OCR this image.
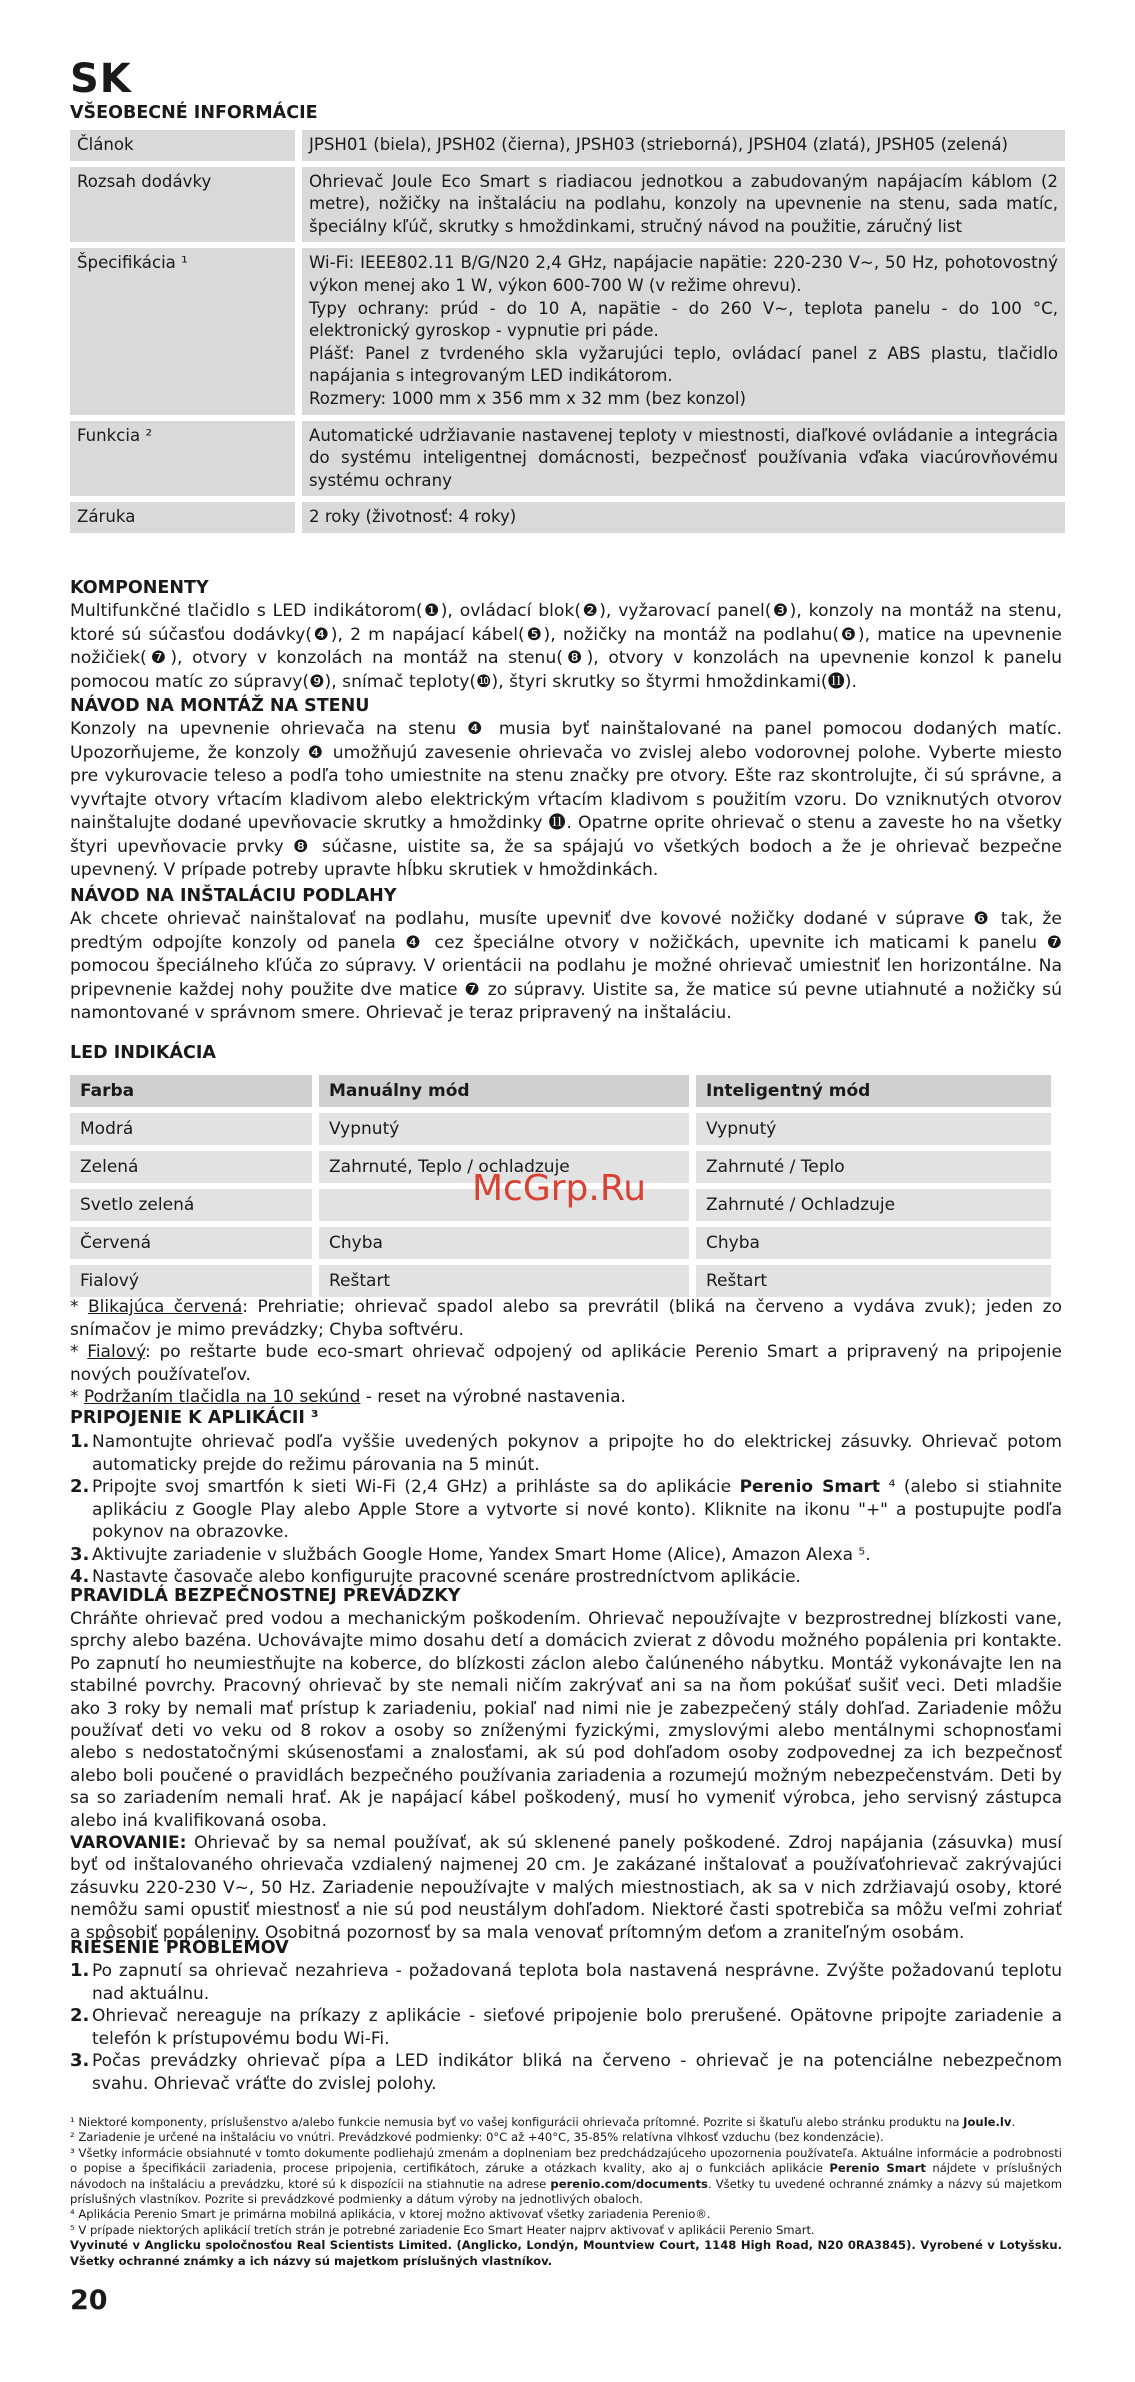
SK
VŠEOBECNÉ INFORMÁCIE
Článok	JPSH01 (biela), JPSH02 (čierna), JPSH03 (strieborná), JPSH04 (zlatá), JPSH05 (zelená)
Rozsah dodávky	Ohrievač Joule Eco Smart s riadiacou jednotkou a zabudovaným napájacím káblom (2 metre), nožičky na inštaláciu na podlahu, konzoly na upevnenie na stenu, sada matíc, špeciálny kľúč, skrutky s hmoždinkami, stručný návod na použitie, záručný list
Špecifikácia ¹	Wi-Fi: IEEE802.11 B/G/N20 2,4 GHz, napájacie napätie: 220-230 V~, 50 Hz, pohotovostný výkon menej ako 1 W, výkon 600-700 W (v režime ohrevu).
Typy ochrany: prúd - do 10 A, napätie - do 260 V~, teplota panelu - do 100 °C, elektronický gyroskop - vypnutie pri páde.
Plášť: Panel z tvrdeného skla vyžarujúci teplo, ovládací panel z ABS plastu, tlačidlo napájania s integrovaným LED indikátorom.
Rozmery: 1000 mm x 356 mm x 32 mm (bez konzol)
Funkcia ²	Automatické udržiavanie nastavenej teploty v miestnosti, diaľkové ovládanie a integrácia do systému inteligentnej domácnosti, bezpečnosť používania vďaka viacúrovňovému systému ochrany
Záruka	2 roky (životnosť: 4 roky)
KOMPONENTY
Multifunkčné tlačidlo s LED indikátorom(❶), ovládací blok(❷), vyžarovací panel(❸), konzoly na montáž na stenu, ktoré sú súčasťou dodávky(❹), 2 m napájací kábel(❺), nožičky na montáž na podlahu(❻), matice na upevnenie nožičiek(❼), otvory v konzolách na montáž na stenu(❽), otvory v konzolách na upevnenie konzol k panelu pomocou matíc zo súpravy(❾), snímač teploty(❿), štyri skrutky so štyrmi hmoždinkami(⓫).
NÁVOD NA MONTÁŽ NA STENU
Konzoly na upevnenie ohrievača na stenu ❹ musia byť nainštalované na panel pomocou dodaných matíc. Upozorňujeme, že konzoly ❹ umožňujú zavesenie ohrievača vo zvislej alebo vodorovnej polohe. Vyberte miesto pre vykurovacie teleso a podľa toho umiestnite na stenu značky pre otvory. Ešte raz skontrolujte, či sú správne, a vyvŕtajte otvory vŕtacím kladivom alebo elektrickým vŕtacím kladivom s použitím vzoru. Do vzniknutých otvorov nainštalujte dodané upevňovacie skrutky a hmoždinky ⓫. Opatrne oprite ohrievač o stenu a zaveste ho na všetky štyri upevňovacie prvky ❽ súčasne, uistite sa, že sa spájajú vo všetkých bodoch a že je ohrievač bezpečne upevnený. V prípade potreby upravte hĺbku skrutiek v hmoždinkách.
NÁVOD NA INŠTALÁCIU PODLAHY
Ak chcete ohrievač nainštalovať na podlahu, musíte upevniť dve kovové nožičky dodané v súprave ❻ tak, že predtým odpojíte konzoly od panela ❹ cez špeciálne otvory v nožičkách, upevnite ich maticami k panelu ❼ pomocou špeciálneho kľúča zo súpravy. V orientácii na podlahu je možné ohrievač umiestniť len horizontálne. Na pripevnenie každej nohy použite dve matice ❼ zo súpravy. Uistite sa, že matice sú pevne utiahnuté a nožičky sú namontované v správnom smere. Ohrievač je teraz pripravený na inštaláciu.
LED INDIKÁCIA
Farba	Manuálny mód	Inteligentný mód
Modrá	Vypnutý	Vypnutý
Zelená	Zahrnuté, Teplo / ochladzuje	Zahrnuté / Teplo
Svetlo zelená		Zahrnuté / Ochladzuje
Červená	Chyba	Chyba
Fialový	Reštart	Reštart
McGrp.Ru

* Blikajúca červená: Prehriatie; ohrievač spadol alebo sa prevrátil (bliká na červeno a vydáva zvuk); jeden zo snímačov je mimo prevádzky; Chyba softvéru.

* Fialový: po reštarte bude eco-smart ohrievač odpojený od aplikácie Perenio Smart a pripravený na pripojenie nových používateľov.

* Podržaním tlačidla na 10 sekúnd - reset na výrobné nastavenia.

PRIPOJENIE K APLIKÁCII ³
1. Namontujte ohrievač podľa vyššie uvedených pokynov a pripojte ho do elektrickej zásuvky. Ohrievač potom automaticky prejde do režimu párovania na 5 minút.
2. Pripojte svoj smartfón k sieti Wi-Fi (2,4 GHz) a prihláste sa do aplikácie Perenio Smart ⁴ (alebo si stiahnite aplikáciu z Google Play alebo Apple Store a vytvorte si nové konto). Kliknite na ikonu "+" a postupujte podľa pokynov na obrazovke.
3. Aktivujte zariadenie v službách Google Home, Yandex Smart Home (Alice), Amazon Alexa ⁵.
4. Nastavte časovače alebo konfigurujte pracovné scenáre prostredníctvom aplikácie.
PRAVIDLÁ BEZPEČNOSTNEJ PREVÁDZKY
Chráňte ohrievač pred vodou a mechanickým poškodením. Ohrievač nepoužívajte v bezprostrednej blízkosti vane, sprchy alebo bazéna. Uchovávajte mimo dosahu detí a domácich zvierat z dôvodu možného popálenia pri kontakte. Po zapnutí ho neumiestňujte na koberce, do blízkosti záclon alebo čalúneného nábytku. Montáž vykonávajte len na stabilné povrchy. Pracovný ohrievač by ste nemali ničím zakrývať ani sa na ňom pokúšať sušiť veci. Deti mladšie ako 3 roky by nemali mať prístup k zariadeniu, pokiaľ nad nimi nie je zabezpečený stály dohľad. Zariadenie môžu používať deti vo veku od 8 rokov a osoby so zníženými fyzickými, zmyslovými alebo mentálnymi schopnosťami alebo s nedostatočnými skúsenosťami a znalosťami, ak sú pod dohľadom osoby zodpovednej za ich bezpečnosť alebo boli poučené o pravidlách bezpečného používania zariadenia a rozumejú možným nebezpečenstvám. Deti by sa so zariadením nemali hrať. Ak je napájací kábel poškodený, musí ho vymeniť výrobca, jeho servisný zástupca alebo iná kvalifikovaná osoba.
VAROVANIE: Ohrievač by sa nemal používať, ak sú sklenené panely poškodené. Zdroj napájania (zásuvka) musí byť od inštalovaného ohrievača vzdialený najmenej 20 cm. Je zakázané inštalovať a používaťohrievač zakrývajúci zásuvku 220-230 V~, 50 Hz. Zariadenie nepoužívajte v malých miestnostiach, ak sa v nich zdržiavajú osoby, ktoré nemôžu sami opustiť miestnosť a nie sú pod neustálym dohľadom. Niektoré časti spotrebiča sa môžu veľmi zohriať a spôsobiť popáleniny. Osobitná pozornosť by sa mala venovať prítomným deťom a zraniteľným osobám.
RIEŠENIE PROBLÉMOV
1. Po zapnutí sa ohrievač nezahrieva - požadovaná teplota bola nastavená nesprávne. Zvýšte požadovanú teplotu nad aktuálnu.
2. Ohrievač nereaguje na príkazy z aplikácie - sieťové pripojenie bolo prerušené. Opätovne pripojte zariadenie a telefón k prístupovému bodu Wi-Fi.
3. Počas prevádzky ohrievač pípa a LED indikátor bliká na červeno - ohrievač je na potenciálne nebezpečnom svahu. Ohrievač vráťte do zvislej polohy.

¹ Niektoré komponenty, príslušenstvo a/alebo funkcie nemusia byť vo vašej konfigurácii ohrievača prítomné. Pozrite si škatuľu alebo stránku produktu na Joule.lv.

² Zariadenie je určené na inštaláciu vo vnútri. Prevádzkové podmienky: 0°C až +40°C, 35-85% relatívna vlhkosť vzduchu (bez kondenzácie).

³ Všetky informácie obsiahnuté v tomto dokumente podliehajú zmenám a doplneniam bez predchádzajúceho upozornenia používateľa. Aktuálne informácie a podrobnosti o popise a špecifikácii zariadenia, procese pripojenia, certifikátoch, záruke a otázkach kvality, ako aj o funkciách aplikácie Perenio Smart nájdete v príslušných návodoch na inštaláciu a prevádzku, ktoré sú k dispozícii na stiahnutie na adrese perenio.com/documents. Všetky tu uvedené ochranné známky a názvy sú majetkom príslušných vlastníkov. Pozrite si prevádzkové podmienky a dátum výroby na jednotlivých obaloch.

⁴ Aplikácia Perenio Smart je primárna mobilná aplikácia, v ktorej možno aktivovať všetky zariadenia Perenio®.

⁵ V prípade niektorých aplikácií tretích strán je potrebné zariadenie Eco Smart Heater najprv aktivovať v aplikácii Perenio Smart.

Vyvinuté v Anglicku spoločnosťou Real Scientists Limited. (Anglicko, Londýn, Mountview Court, 1148 High Road, N20 0RA3845). Vyrobené v Lotyšsku. Všetky ochranné známky a ich názvy sú majetkom príslušných vlastníkov.

20
